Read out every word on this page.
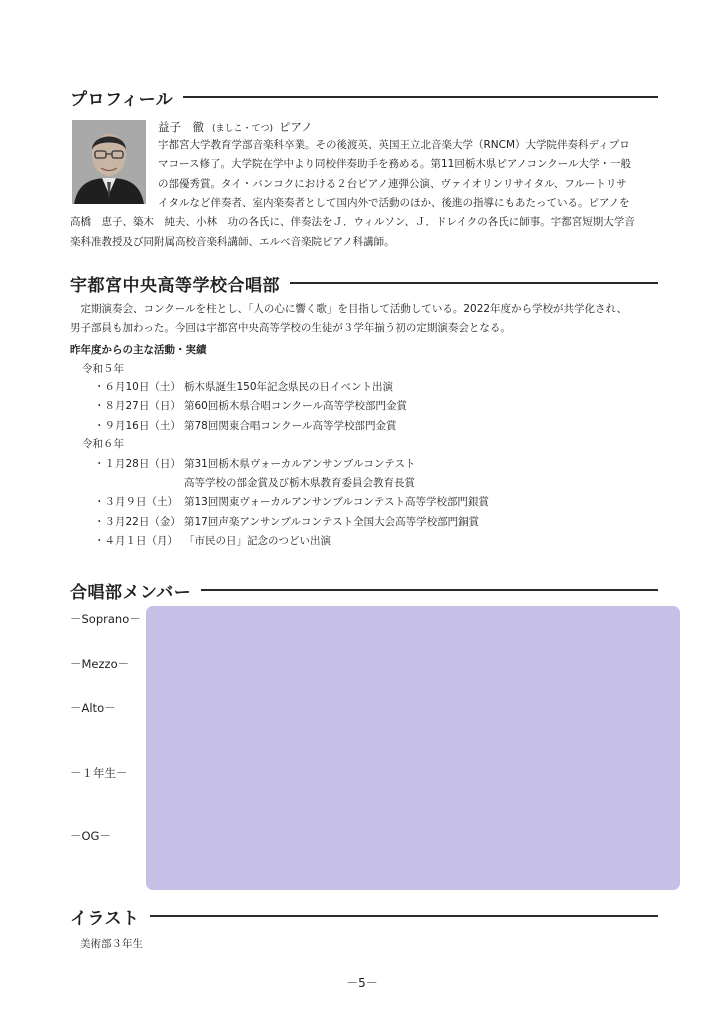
プロフィール
益子　徹 (ましこ・てつ) ピアノ
宇都宮大学教育学部音楽科卒業。その後渡英、英国王立北音楽大学（RNCM）大学院伴奏科ディプロ
マコース修了。大学院在学中より同校伴奏助手を務める。第11回栃木県ピアノコンクール大学・一般
の部優秀賞。タイ・バンコクにおける２台ピアノ連弾公演、ヴァイオリンリサイタル、フルートリサ
イタルなど伴奏者、室内楽奏者として国内外で活動のほか、後進の指導にもあたっている。ピアノを
高橋　恵子、築木　純夫、小林　功の各氏に、伴奏法をＪ．ウィルソン、Ｊ．ドレイクの各氏に師事。宇都宮短期大学音
楽科准教授及び同附属高校音楽科講師、エルベ音楽院ピアノ科講師。
宇都宮中央高等学校合唱部
　定期演奏会、コンクールを柱とし、「人の心に響く歌」を目指して活動している。2022年度から学校が共学化され、
男子部員も加わった。今回は宇都宮中央高等学校の生徒が３学年揃う初の定期演奏会となる。
昨年度からの主な活動・実績
令和５年
・６月10日（土） 栃木県誕生150年記念県民の日イベント出演
・８月27日（日） 第60回栃木県合唱コンクール高等学校部門金賞
・９月16日（土） 第78回関東合唱コンクール高等学校部門金賞
令和６年
・１月28日（日） 第31回栃木県ヴォーカルアンサンブルコンテスト
高等学校の部金賞及び栃木県教育委員会教育長賞
・３月９日（土） 第13回関東ヴォーカルアンサンブルコンテスト高等学校部門銀賞
・３月22日（金） 第17回声楽アンサンブルコンテスト全国大会高等学校部門銅賞
・４月１日（月） 「市民の日」記念のつどい出演
合唱部メンバー
－Soprano－
－Mezzo－
－Alto－
－１年生－
－OG－
イラスト
美術部３年生
－5－
